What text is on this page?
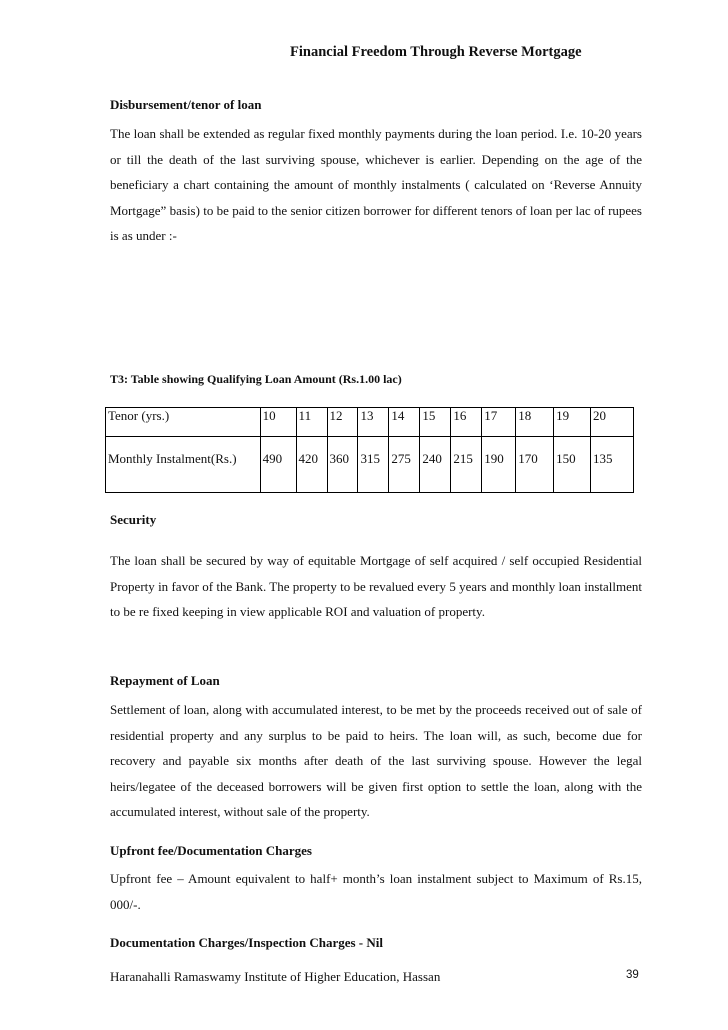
Financial Freedom Through Reverse Mortgage
Disbursement/tenor of loan
The loan shall be extended as regular fixed monthly payments during the loan period. I.e. 10-20 years or till the death of the last surviving spouse, whichever is earlier. Depending on the age of the beneficiary a chart containing the amount of monthly instalments ( calculated on ‘Reverse Annuity Mortgage” basis) to be paid to the senior citizen borrower for different tenors of loan per lac of rupees is as under :-
T3: Table showing Qualifying Loan Amount (Rs.1.00 lac)
Tenor (yrs.)	10	11	12	13	14	15	16	17	18	19	20
Monthly Instalment(Rs.)	490	420	360	315	275	240	215	190	170	150	135
Security
The loan shall be secured by way of equitable Mortgage of self acquired / self occupied Residential Property in favor of the Bank. The property to be revalued every 5 years and monthly loan installment to be re fixed keeping in view applicable ROI and valuation of property.
Repayment of Loan
Settlement of loan, along with accumulated interest, to be met by the proceeds received out of sale of residential property and any surplus to be paid to heirs. The loan will, as such, become due for recovery and payable six months after death of the last surviving spouse. However the legal heirs/legatee of the deceased borrowers will be given first option to settle the loan, along with the accumulated interest, without sale of the property.
Upfront fee/Documentation Charges
Upfront fee – Amount equivalent to half+ month’s loan instalment subject to Maximum of Rs.15, 000/-.
Documentation Charges/Inspection Charges - Nil
Haranahalli Ramaswamy Institute of Higher Education, Hassan	39
